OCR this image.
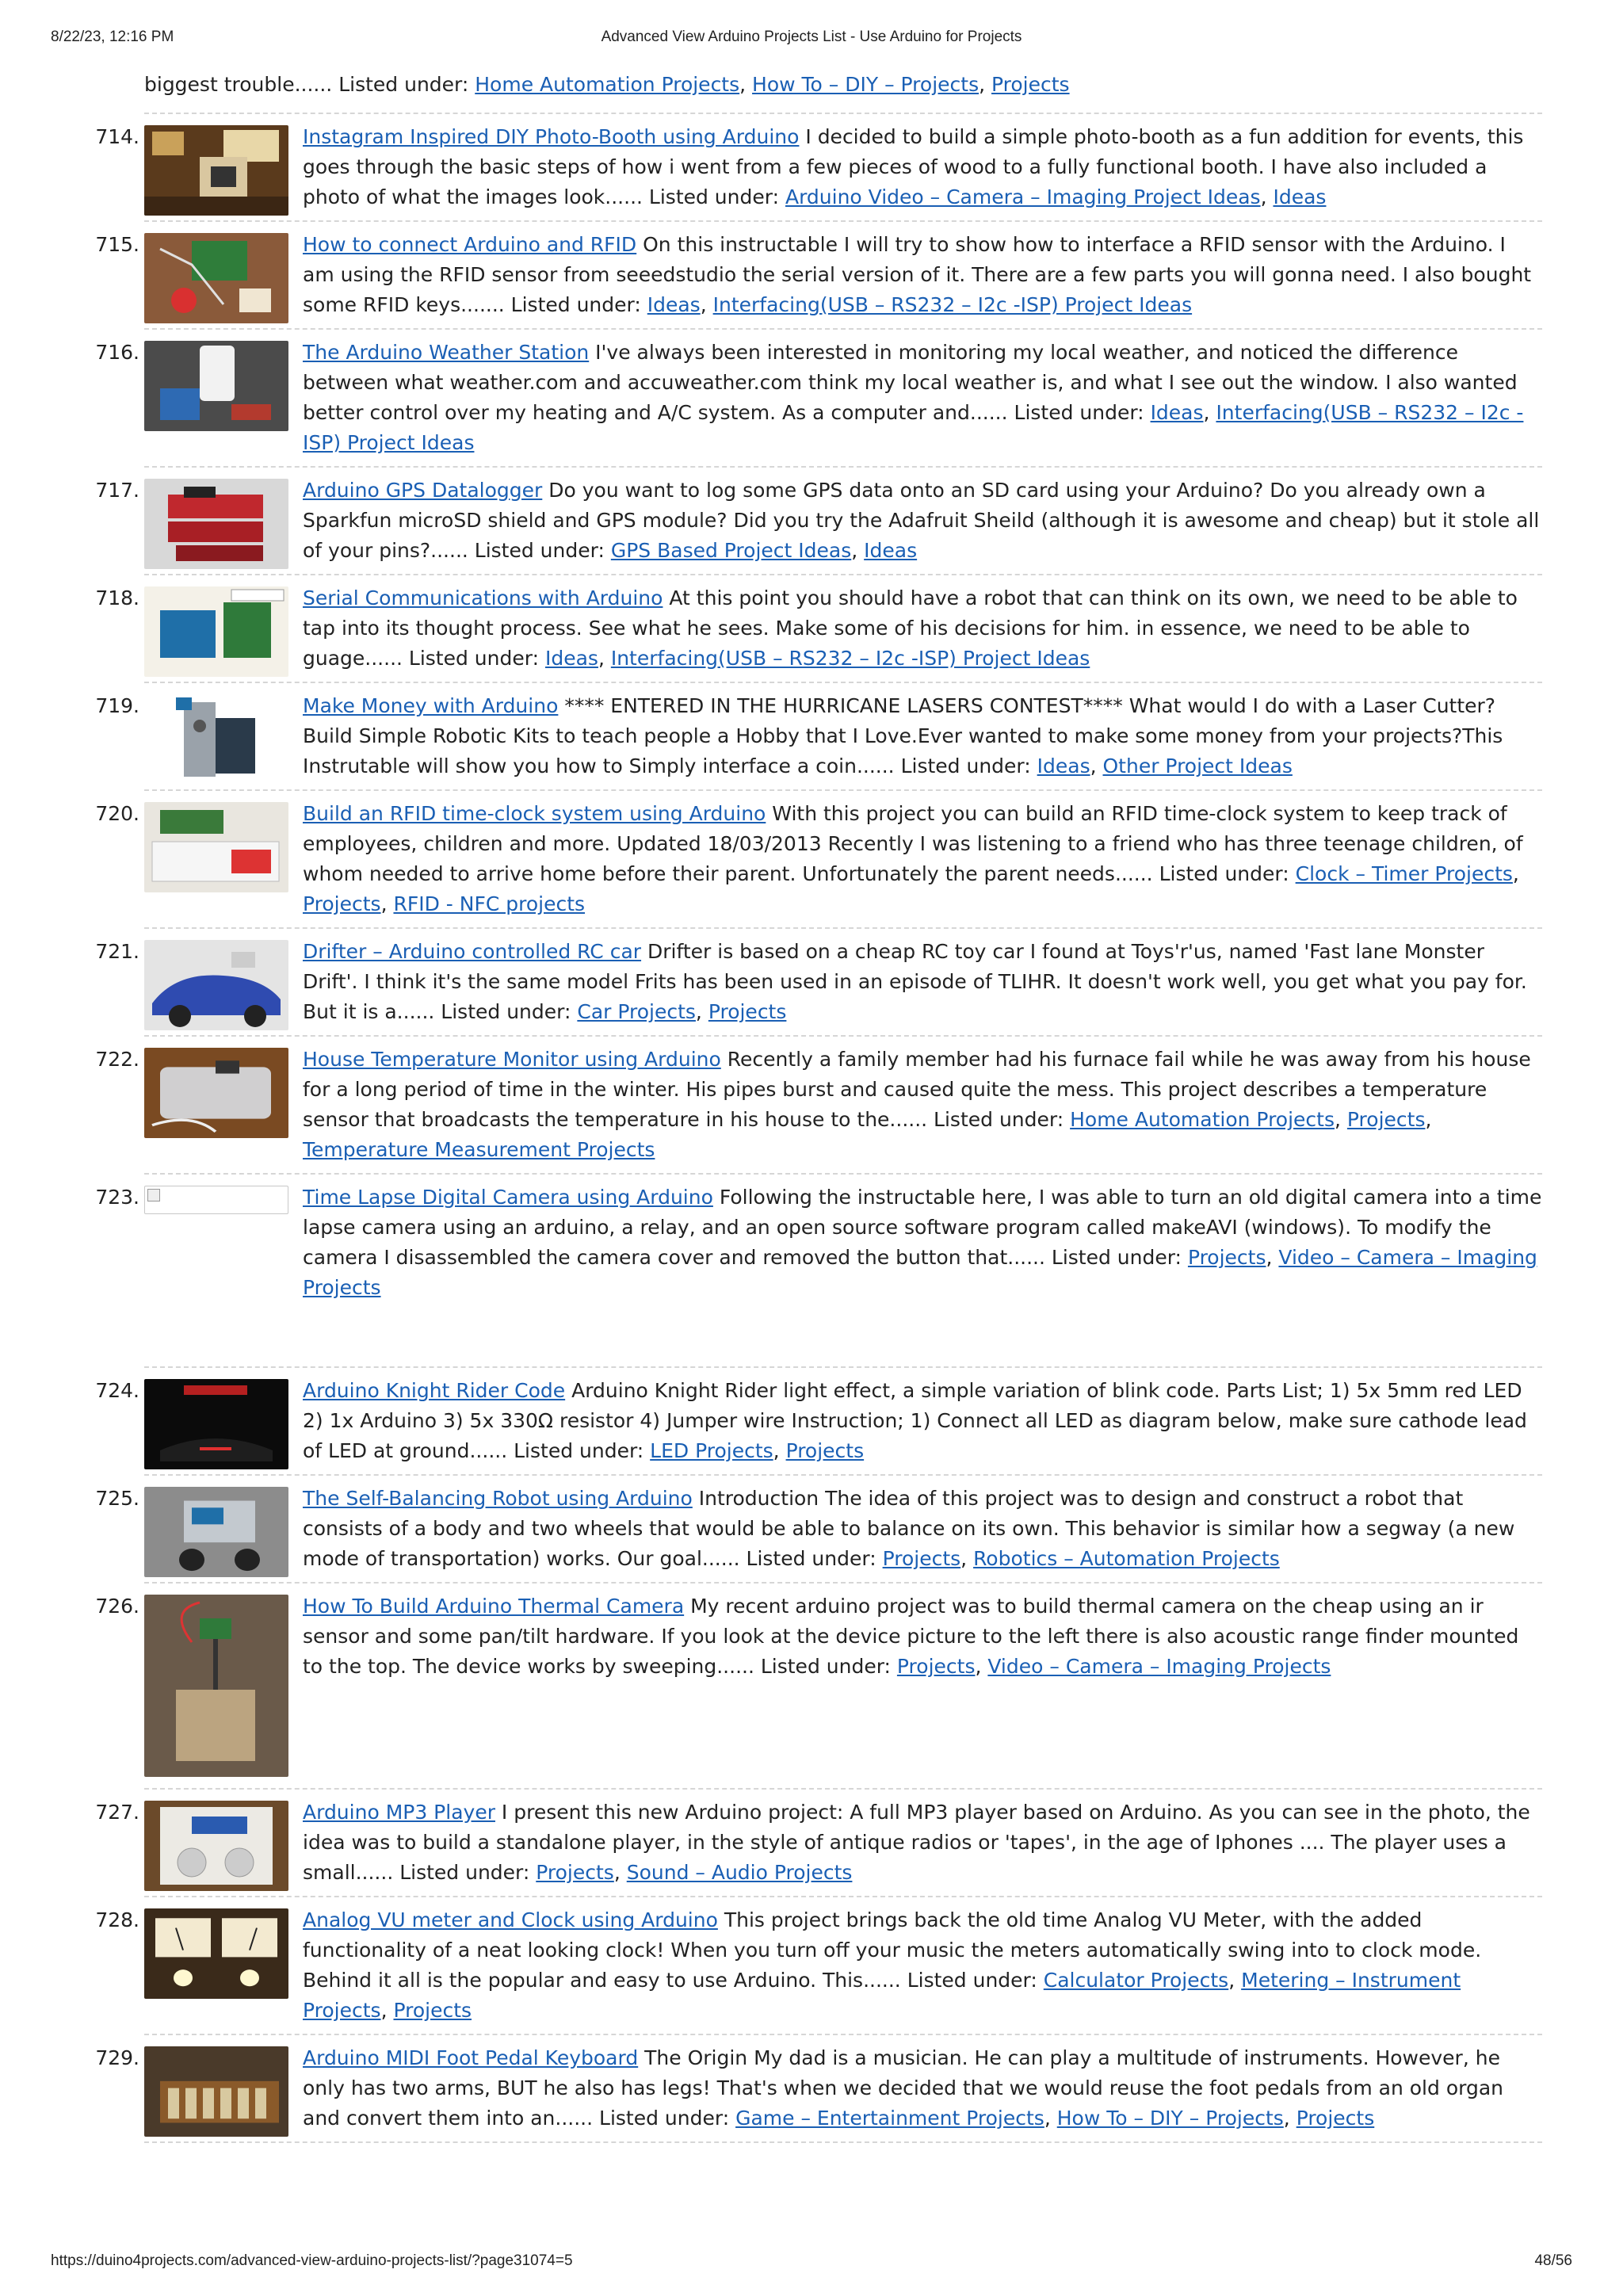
8/22/23, 12:16 PM	Advanced View Arduino Projects List - Use Arduino for Projects
biggest trouble...... Listed under: Home Automation Projects, How To – DIY – Projects, Projects
714.	Instagram Inspired DIY Photo-Booth using Arduino I decided to build a simple photo-booth as a fun addition for events, this goes through the basic steps of how i went from a few pieces of wood to a fully functional booth. I have also included a photo of what the images look...... Listed under: Arduino Video – Camera – Imaging Project Ideas, Ideas

715.	How to connect Arduino and RFID On this instructable I will try to show how to interface a RFID sensor with the Arduino. I am using the RFID sensor from seeedstudio the serial version of it. There are a few parts you will gonna need. I also bought some RFID keys....... Listed under: Ideas, Interfacing(USB – RS232 – I2c -ISP) Project Ideas

716.	The Arduino Weather Station I've always been interested in monitoring my local weather, and noticed the difference between what weather.com and accuweather.com think my local weather is, and what I see out the window. I also wanted better control over my heating and A/C system. As a computer and...... Listed under: Ideas, Interfacing(USB – RS232 – I2c -ISP) Project Ideas

717.	Arduino GPS Datalogger Do you want to log some GPS data onto an SD card using your Arduino? Do you already own a Sparkfun microSD shield and GPS module? Did you try the Adafruit Sheild (although it is awesome and cheap) but it stole all of your pins?...... Listed under: GPS Based Project Ideas, Ideas

718.	Serial Communications with Arduino At this point you should have a robot that can think on its own, we need to be able to tap into its thought process. See what he sees. Make some of his decisions for him. in essence, we need to be able to guage...... Listed under: Ideas, Interfacing(USB – RS232 – I2c -ISP) Project Ideas

719.	Make Money with Arduino **** ENTERED IN THE HURRICANE LASERS CONTEST**** What would I do with a Laser Cutter? Build Simple Robotic Kits to teach people a Hobby that I Love.Ever wanted to make some money from your projects?This Instrutable will show you how to Simply interface a coin...... Listed under: Ideas, Other Project Ideas

720.	Build an RFID time-clock system using Arduino With this project you can build an RFID time-clock system to keep track of employees, children and more. Updated 18/03/2013 Recently I was listening to a friend who has three teenage children, of whom needed to arrive home before their parent. Unfortunately the parent needs...... Listed under: Clock – Timer Projects, Projects, RFID - NFC projects

721.	Drifter – Arduino controlled RC car Drifter is based on a cheap RC toy car I found at Toys'r'us, named 'Fast lane Monster Drift'. I think it's the same model Frits has been used in an episode of TLIHR. It doesn't work well, you get what you pay for. But it is a...... Listed under: Car Projects, Projects

722.	House Temperature Monitor using Arduino Recently a family member had his furnace fail while he was away from his house for a long period of time in the winter. His pipes burst and caused quite the mess. This project describes a temperature sensor that broadcasts the temperature in his house to the...... Listed under: Home Automation Projects, Projects, Temperature Measurement Projects

723.	Time Lapse Digital Camera using Arduino Following the instructable here, I was able to turn an old digital camera into a time lapse camera using an arduino, a relay, and an open source software program called makeAVI (windows). To modify the camera I disassembled the camera cover and removed the button that...... Listed under: Projects, Video – Camera – Imaging Projects

724.	Arduino Knight Rider Code Arduino Knight Rider light effect, a simple variation of blink code. Parts List; 1) 5x 5mm red LED 2) 1x Arduino 3) 5x 330Ω resistor 4) Jumper wire Instruction; 1) Connect all LED as diagram below, make sure cathode lead of LED at ground...... Listed under: LED Projects, Projects

725.	The Self-Balancing Robot using Arduino Introduction The idea of this project was to design and construct a robot that consists of a body and two wheels that would be able to balance on its own. This behavior is similar how a segway (a new mode of transportation) works. Our goal...... Listed under: Projects, Robotics – Automation Projects

726.	How To Build Arduino Thermal Camera My recent arduino project was to build thermal camera on the cheap using an ir sensor and some pan/tilt hardware. If you look at the device picture to the left there is also acoustic range finder mounted to the top. The device works by sweeping...... Listed under: Projects, Video – Camera – Imaging Projects

727.	Arduino MP3 Player I present this new Arduino project: A full MP3 player based on Arduino. As you can see in the photo, the idea was to build a standalone player, in the style of antique radios or 'tapes', in the age of Iphones .... The player uses a small...... Listed under: Projects, Sound – Audio Projects

728.	Analog VU meter and Clock using Arduino This project brings back the old time Analog VU Meter, with the added functionality of a neat looking clock! When you turn off your music the meters automatically swing into to clock mode. Behind it all is the popular and easy to use Arduino. This...... Listed under: Calculator Projects, Metering – Instrument Projects, Projects

729.	Arduino MIDI Foot Pedal Keyboard The Origin My dad is a musician. He can play a multitude of instruments. However, he only has two arms, BUT he also has legs! That's when we decided that we would reuse the foot pedals from an old organ and convert them into an...... Listed under: Game – Entertainment Projects, How To – DIY – Projects, Projects

https://duino4projects.com/advanced-view-arduino-projects-list/?page31074=5	48/56
